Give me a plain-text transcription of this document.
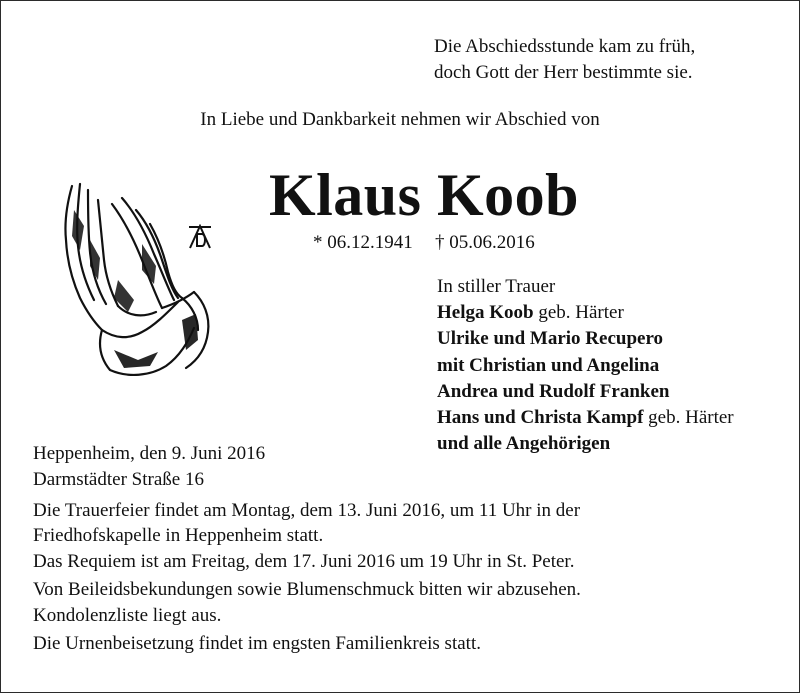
Die Abschiedsstunde kam zu früh,
doch Gott der Herr bestimmte sie.
In Liebe und Dankbarkeit nehmen wir Abschied von
Klaus Koob
* 06.12.1941 † 05.06.2016
In stiller Trauer
Helga Koob geb. Härter
Ulrike und Mario Recupero
mit Christian und Angelina
Andrea und Rudolf Franken
Hans und Christa Kampf geb. Härter
und alle Angehörigen
Heppenheim, den 9. Juni 2016
Darmstädter Straße 16
Die Trauerfeier findet am Montag, dem 13. Juni 2016, um 11 Uhr in der
Friedhofskapelle in Heppenheim statt.
Das Requiem ist am Freitag, dem 17. Juni 2016 um 19 Uhr in St. Peter.
Von Beileidsbekundungen sowie Blumenschmuck bitten wir abzusehen.
Kondolenzliste liegt aus.
Die Urnenbeisetzung findet im engsten Familienkreis statt.
